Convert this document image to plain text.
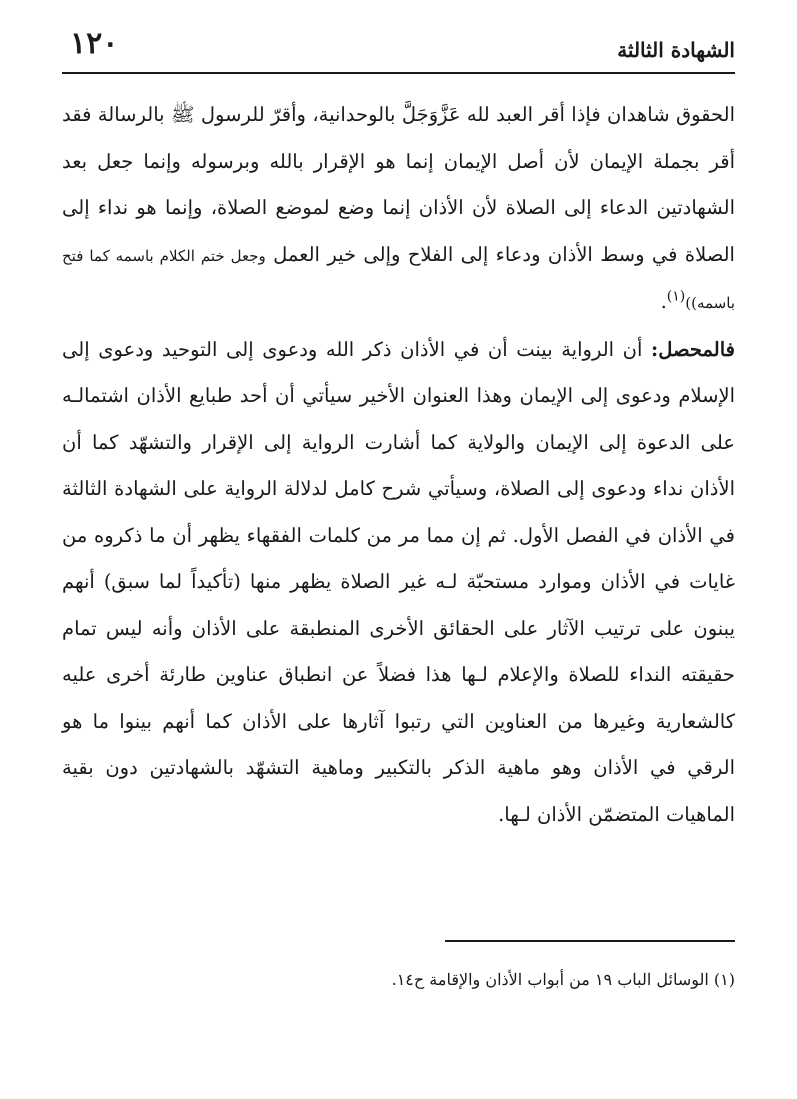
١٢٠	الشهادة الثالثة

الحقوق شاهدان فإذا أقر العبد لله عَزَّوَجَلَّ بالوحدانية، وأقرّ للرسول ﷺ بالرسالة فقد أقر بجملة الإيمان لأن أصل الإيمان إنما هو الإقرار بالله وبرسوله وإنما جعل بعد الشهادتين الدعاء إلى الصلاة لأن الأذان إنما وضع لموضع الصلاة، وإنما هو نداء إلى الصلاة في وسط الأذان ودعاء إلى الفلاح وإلى خير العمل وجعل ختم الكلام باسمه كما فتح باسمه))$^{(١)}$.

فالمحصل: أن الرواية بينت أن في الأذان ذكر الله ودعوى إلى التوحيد ودعوى إلى الإسلام ودعوى إلى الإيمان وهذا العنوان الأخير سيأتي أن أحد طبايع الأذان اشتمالـه على الدعوة إلى الإيمان والولاية كما أشارت الرواية إلى الإقرار والتشهّد كما أن الأذان نداء ودعوى إلى الصلاة، وسيأتي شرح كامل لدلالة الرواية على الشهادة الثالثة في الأذان في الفصل الأول. ثم إن مما مر من كلمات الفقهاء يظهر أن ما ذكروه من غايات في الأذان وموارد مستحبّة لـه غير الصلاة يظهر منها (تأكيداً لما سبق) أنهم يبنون على ترتيب الآثار على الحقائق الأخرى المنطبقة على الأذان وأنه ليس تمام حقيقته النداء للصلاة والإعلام لـها هذا فضلاً عن انطباق عناوين طارئة أخرى عليه كالشعارية وغيرها من العناوين التي رتبوا آثارها على الأذان كما أنهم بينوا ما هو الرقي في الأذان وهو ماهية الذكر بالتكبير وماهية التشهّد بالشهادتين دون بقية الماهيات المتضمّن الأذان لـها.

(١) الوسائل الباب ١٩ من أبواب الأذان والإقامة ح١٤.
